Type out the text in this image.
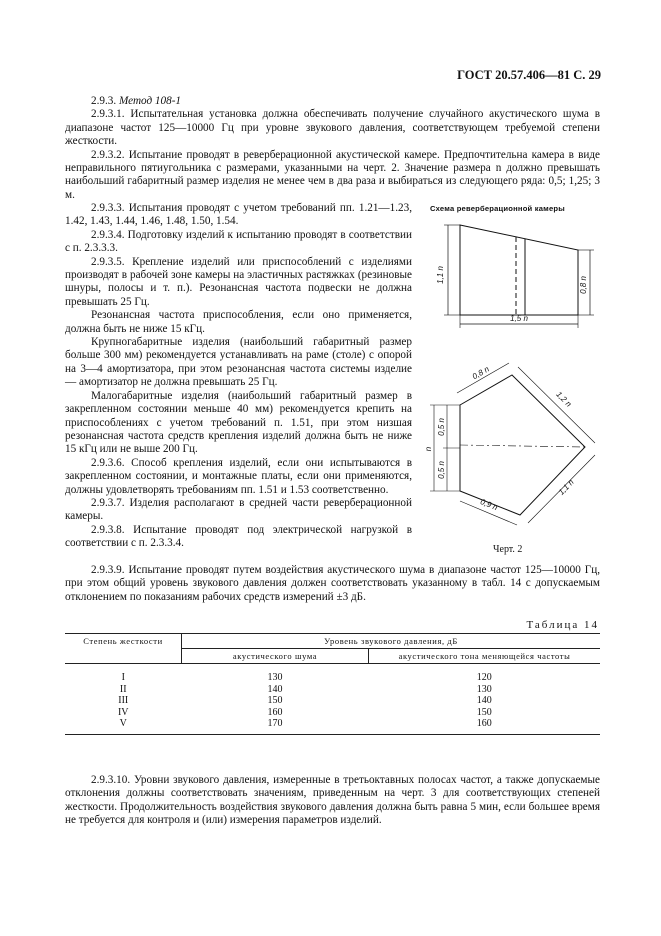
ГОСТ 20.57.406—81 С. 29

2.9.3. Метод 108-1

2.9.3.1. Испытательная установка должна обеспечивать получение случайного акустического шума в диапазоне частот 125—10000 Гц при уровне звукового давления, соответствующем требуемой степени жесткости.

2.9.3.2. Испытание проводят в реверберационной акустической камере. Предпочтительна камера в виде неправильного пятиугольника с размерами, указанными на черт. 2. Значение размера n должно превышать наибольший габаритный размер изделия не менее чем в два раза и выбираться из следующего ряда: 0,5; 1,25; 3 м.

2.9.3.3. Испытания проводят с учетом требований пп. 1.21—1.23, 1.42, 1.43, 1.44, 1.46, 1.48, 1.50, 1.54.

2.9.3.4. Подготовку изделий к испытанию проводят в соответствии с п. 2.3.3.3.

2.9.3.5. Крепление изделий или приспособлений с изделиями производят в рабочей зоне камеры на эластичных растяжках (резиновые шнуры, полосы и т. п.). Резонансная частота подвески не должна превышать 25 Гц.

Резонансная частота приспособления, если оно применяется, должна быть не ниже 15 кГц.

Крупногабаритные изделия (наибольший габаритный размер больше 300 мм) рекомендуется устанавливать на раме (столе) с опорой на 3—4 амортизатора, при этом резонансная частота системы изделие — амортизатор не должна превышать 25 Гц.

Малогабаритные изделия (наибольший габаритный размер в закрепленном состоянии меньше 40 мм) рекомендуется крепить на приспособлениях с учетом требований п. 1.51, при этом низшая резонансная частота средств крепления изделий должна быть не ниже 15 кГц или не выше 200 Гц.

2.9.3.6. Способ крепления изделий, если они испытываются в закрепленном состоянии, и монтажные платы, если они применяются, должны удовлетворять требованиям пп. 1.51 и 1.53 соответственно.

2.9.3.7. Изделия располагают в средней части реверберационной камеры.

2.9.3.8. Испытание проводят под электрической нагрузкой в соответствии с п. 2.3.3.4.

Схема реверберационной камеры
1,1 n
0,8 n
1,5 n
0,8 n
1,2 n
1,1 n
0,9 n
0,5 n
0,5 n
n
Черт. 2

2.9.3.9. Испытание проводят путем воздействия акустического шума в диапазоне частот 125—10000 Гц, при этом общий уровень звукового давления должен соответствовать указанному в табл. 14 с допускаемым отклонением по показаниям рабочих средств измерений ±3 дБ.

Таблица 14
Степень жесткости	Уровень звукового давления, дБ	
	акустического шума	акустического тона меняющейся частоты

I	130	120
II	140	130
III	150	140
IV	160	150
V	170	160

2.9.3.10. Уровни звукового давления, измеренные в третьоктавных полосах частот, а также допускаемые отклонения должны соответствовать значениям, приведенным на черт. 3 для соответствующих степеней жесткости. Продолжительность воздействия звукового давления должна быть равна 5 мин, если большее время не требуется для контроля и (или) измерения параметров изделий.
